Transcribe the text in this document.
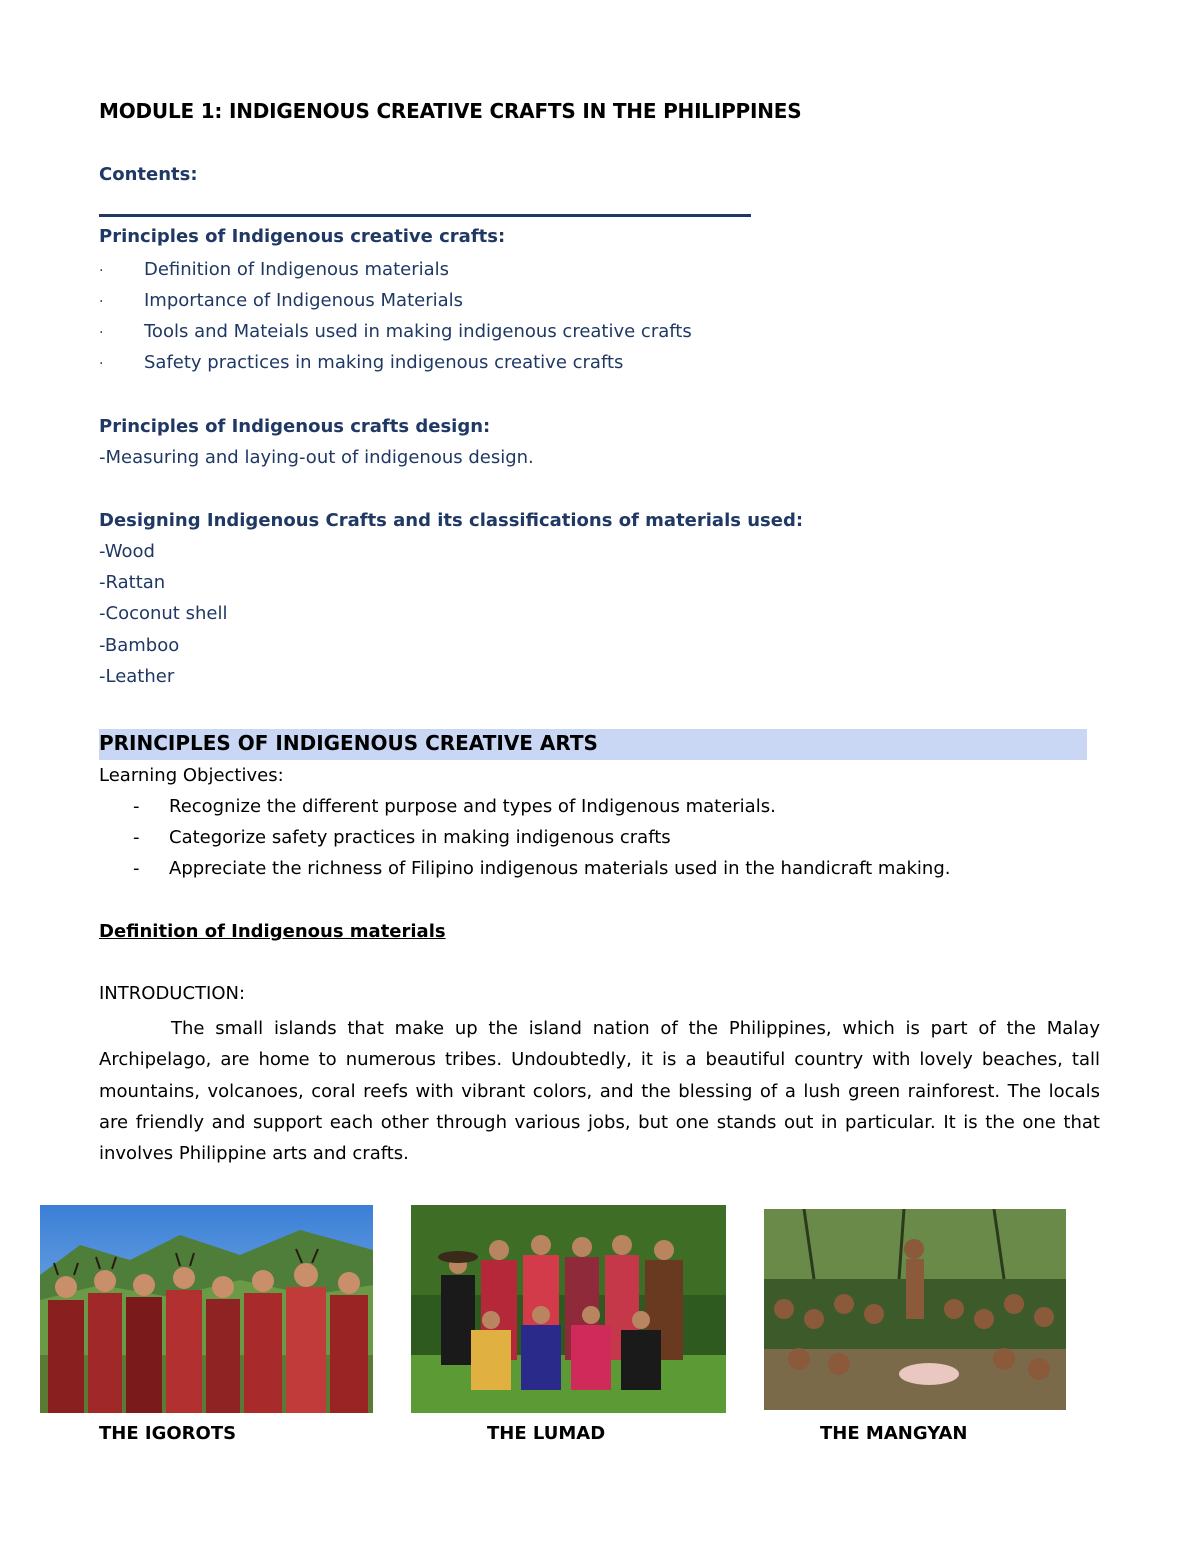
MODULE 1: INDIGENOUS CREATIVE CRAFTS IN THE PHILIPPINES
Contents:
Principles of Indigenous creative crafts:
· Definition of Indigenous materials
· Importance of Indigenous Materials
· Tools and Mateials used in making indigenous creative crafts
· Safety practices in making indigenous creative crafts
Principles of Indigenous crafts design:
-Measuring and laying-out of indigenous design.
Designing Indigenous Crafts and its classifications of materials used:
-Wood
-Rattan
-Coconut shell
-Bamboo
-Leather
PRINCIPLES OF INDIGENOUS CREATIVE ARTS
Learning Objectives:
- Recognize the different purpose and types of Indigenous materials.
- Categorize safety practices in making indigenous crafts
- Appreciate the richness of Filipino indigenous materials used in the handicraft making.
Definition of Indigenous materials
INTRODUCTION:
The small islands that make up the island nation of the Philippines, which is part of the Malay Archipelago, are home to numerous tribes. Undoubtedly, it is a beautiful country with lovely beaches, tall mountains, volcanoes, coral reefs with vibrant colors, and the blessing of a lush green rainforest. The locals are friendly and support each other through various jobs, but one stands out in particular. It is the one that involves Philippine arts and crafts.
THE IGOROTS	THE LUMAD	THE MANGYAN
